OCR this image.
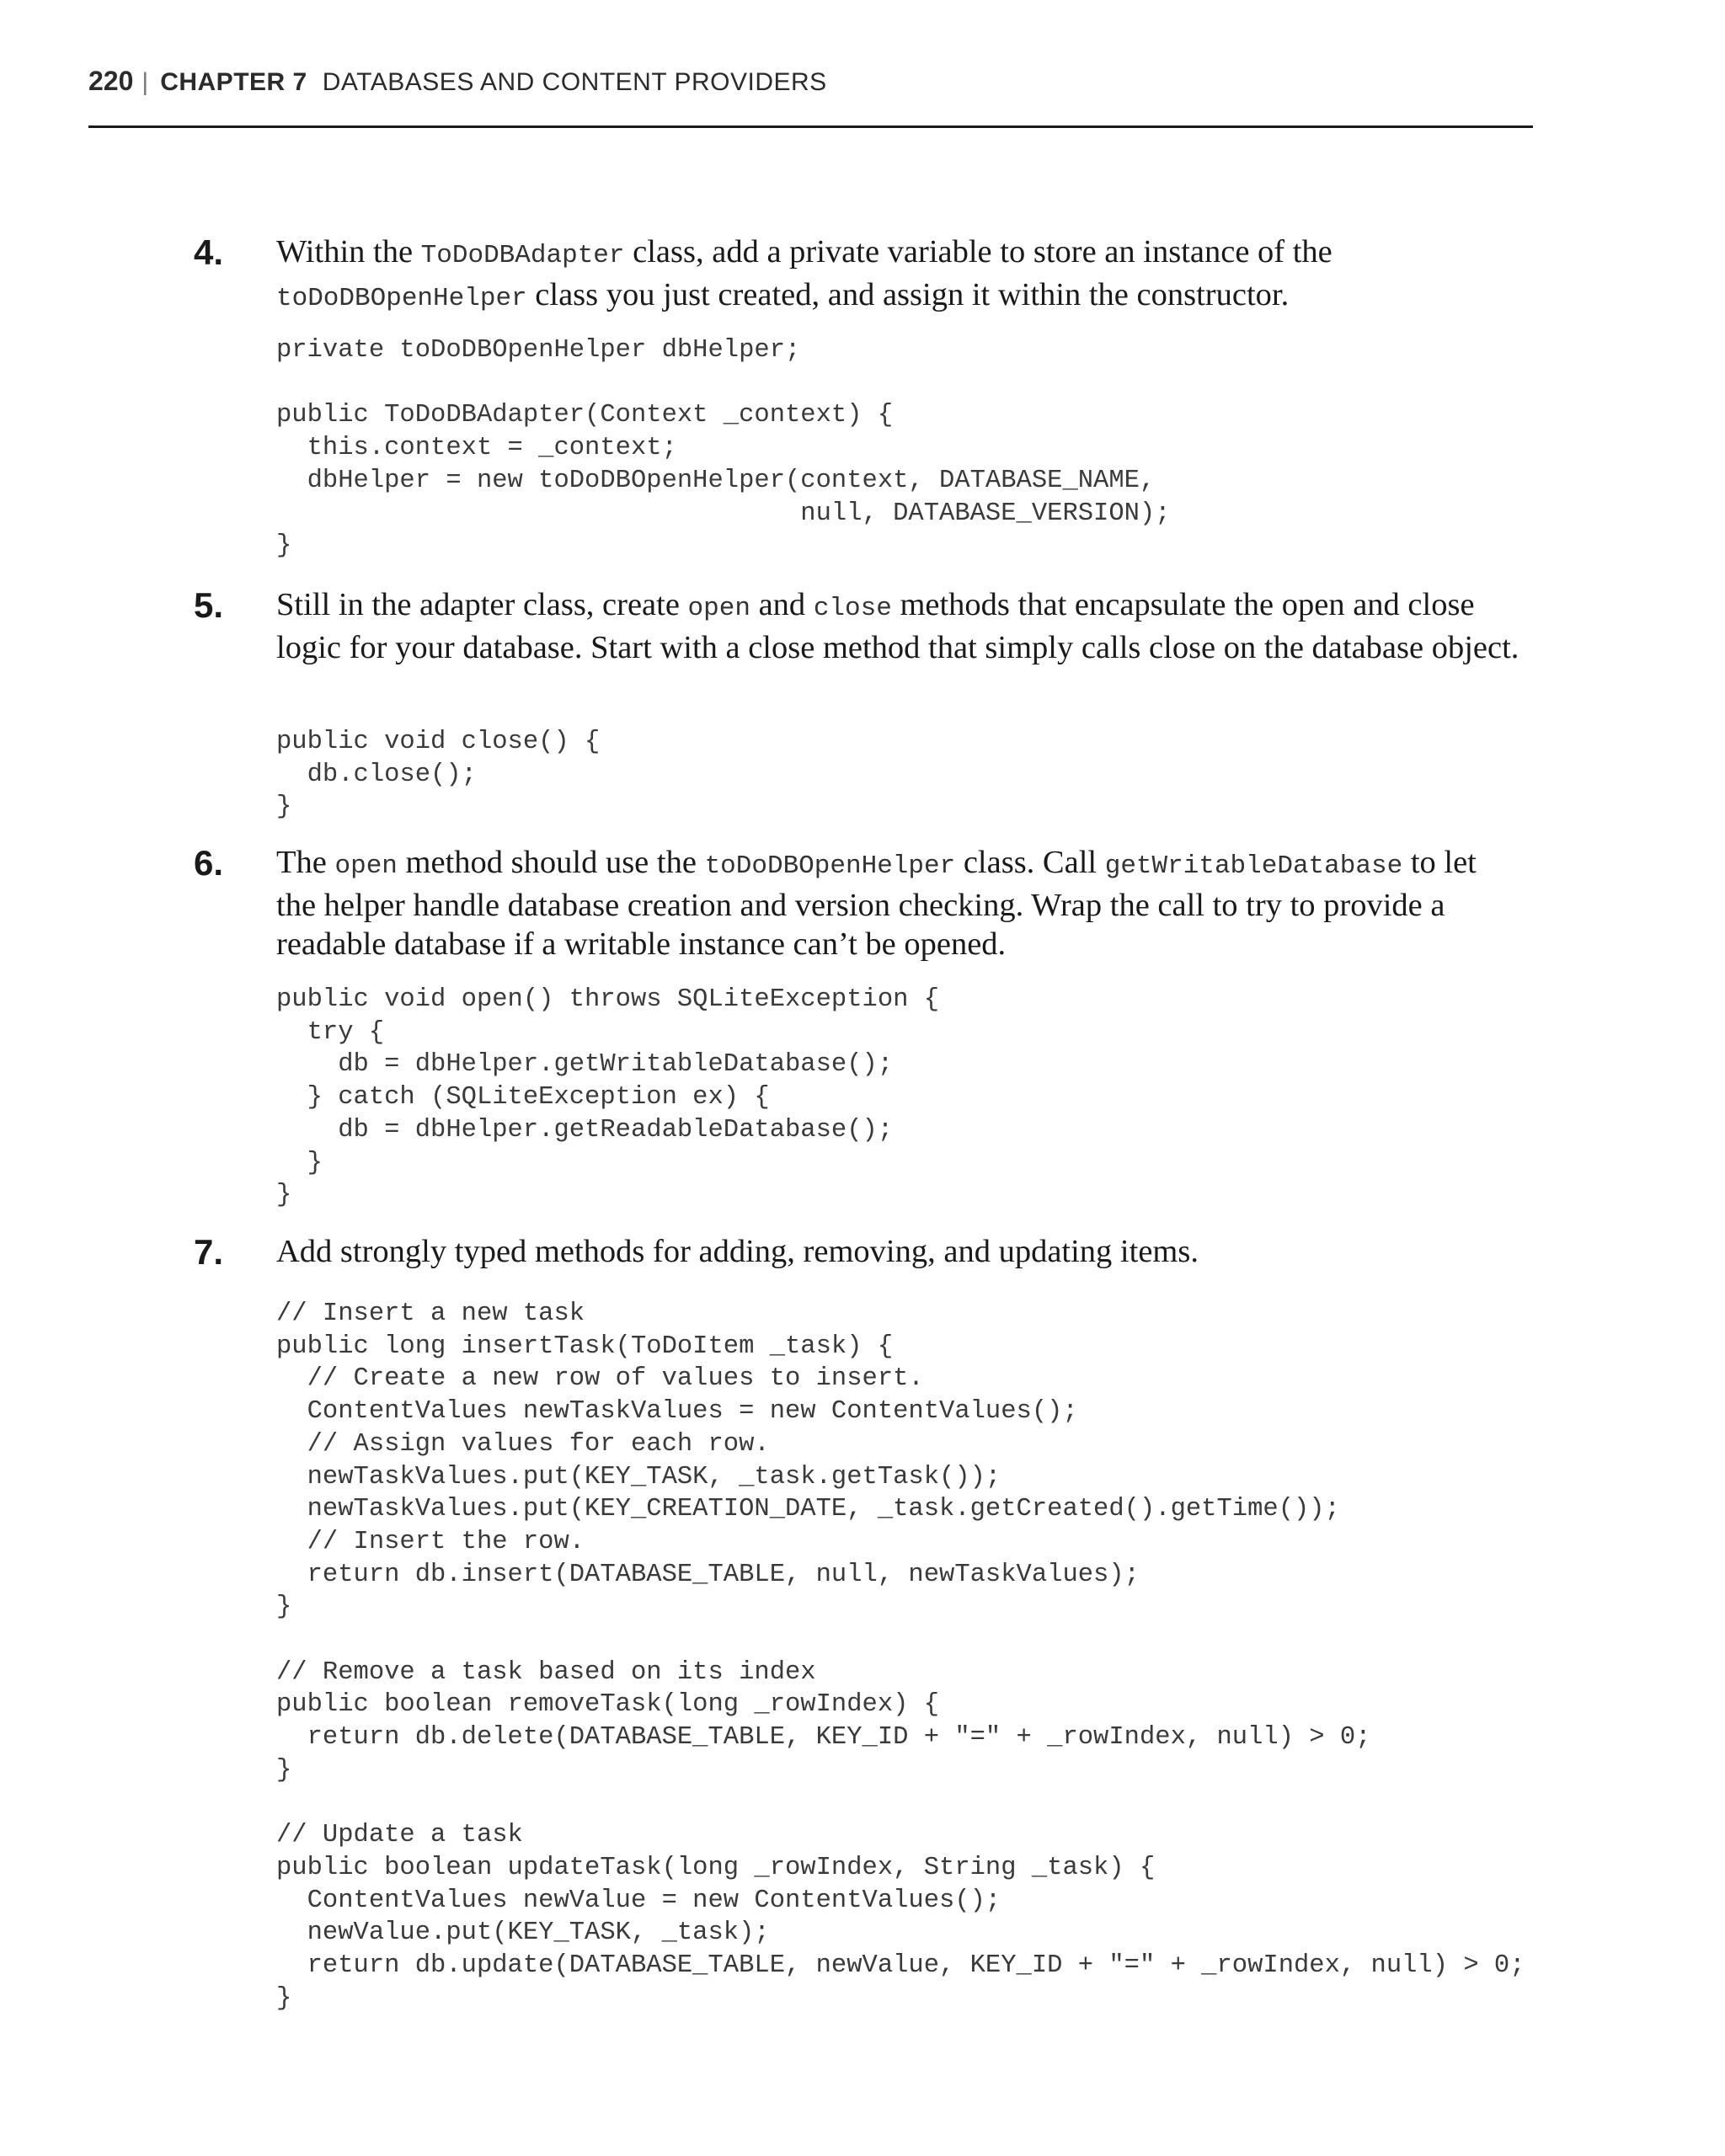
220 | CHAPTER 7 DATABASES AND CONTENT PROVIDERS
4. Within the ToDoDBAdapter class, add a private variable to store an instance of the toDoDBOpenHelper class you just created, and assign it within the constructor.

private toDoDBOpenHelper dbHelper;

public ToDoDBAdapter(Context _context) {
this.context = _context;
dbHelper = new toDoDBOpenHelper(context, DATABASE_NAME,
null, DATABASE_VERSION);
}
5. Still in the adapter class, create open and close methods that encapsulate the open and close logic for your database. Start with a close method that simply calls close on the database object.

public void close() {
db.close();
}
6. The open method should use the toDoDBOpenHelper class. Call getWritableDatabase to let the helper handle database creation and version checking. Wrap the call to try to provide a readable database if a writable instance can’t be opened.

public void open() throws SQLiteException {
try {
db = dbHelper.getWritableDatabase();
} catch (SQLiteException ex) {
db = dbHelper.getReadableDatabase();
}
}
7. Add strongly typed methods for adding, removing, and updating items.

// Insert a new task
public long insertTask(ToDoItem _task) {
// Create a new row of values to insert.
ContentValues newTaskValues = new ContentValues();
// Assign values for each row.
newTaskValues.put(KEY_TASK, _task.getTask());
newTaskValues.put(KEY_CREATION_DATE, _task.getCreated().getTime());
// Insert the row.
return db.insert(DATABASE_TABLE, null, newTaskValues);
}

// Remove a task based on its index
public boolean removeTask(long _rowIndex) {
return db.delete(DATABASE_TABLE, KEY_ID + "=" + _rowIndex, null) > 0;
}

// Update a task
public boolean updateTask(long _rowIndex, String _task) {
ContentValues newValue = new ContentValues();
newValue.put(KEY_TASK, _task);
return db.update(DATABASE_TABLE, newValue, KEY_ID + "=" + _rowIndex, null) > 0;
}
